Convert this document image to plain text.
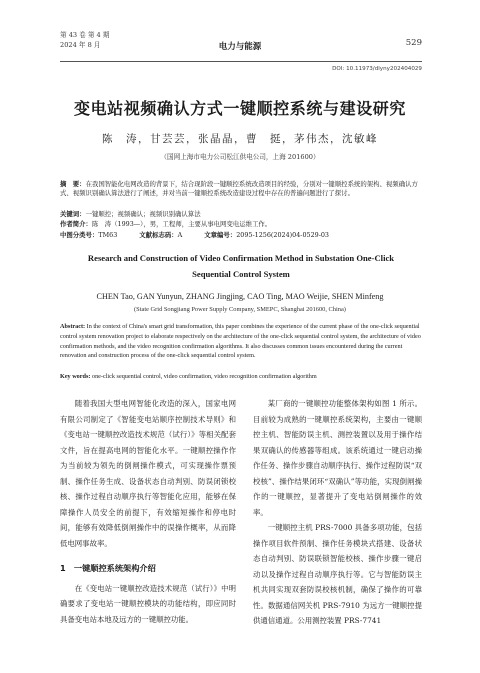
第 43 卷 第 4 期
2024 年 8 月	电力与能源	529
DOI: 10.11973/dlyny202404029
变电站视频确认方式一键顺控系统与建设研究
陈　涛，甘芸芸，张晶晶，曹　挺，茅伟杰，沈敏峰
（国网上海市电力公司松江供电公司，上海 201600）
摘　要：在我国智能化电网改造的背景下，结合现阶段一键顺控系统改造项目的经验，分别对一键顺控系统的架构、视频确认方式、视频识别确认算法进行了阐述，并对当前一键顺控系统改造建设过程中存在的普遍问题进行了探讨。
关键词：一键顺控；视频确认；视频识别确认算法
作者简介：陈　涛（1993—），男，工程师，主要从事电网变电运维工作。
中图分类号：TM63	文献标志码：A	文章编号：2095-1256(2024)04-0529-03
Research and Construction of Video Confirmation Method in Substation One-Click
Sequential Control System
CHEN Tao, GAN Yunyun, ZHANG Jingjing, CAO Ting, MAO Weijie, SHEN Minfeng
(State Grid Songjiang Power Supply Company, SMEPC, Shanghai 201600, China)
Abstract: In the context of China's smart grid transformation, this paper combines the experience of the current phase of the one-click sequential control system renovation project to elaborate respectively on the architecture of the one-click sequential control system, the architecture of video confirmation methods, and the video recognition confirmation algorithms. It also discusses common issues encountered during the current renovation and construction process of the one-click sequential control system.
Key words: one-click sequential control, video confirmation, video recognition confirmation algorithm

随着我国大型电网智能化改造的深入，国家电网有限公司制定了《智能变电站顺序控制技术导则》和《变电站一键顺控改造技术规范（试行）》等相关配套文件，旨在提高电网的智能化水平。一键顺控操作作为当前较为领先的倒闸操作模式，可实现操作票预制、操作任务生成、设备状态自动判别、防误闭锁校核、操作过程自动顺序执行等智能化应用，能够在保障操作人员安全的前提下，有效缩短操作和停电时间，能够有效降低倒闸操作中的误操作概率，从而降低电网事故率。

1　一键顺控系统架构介绍

在《变电站一键顺控改造技术规范（试行）》中明确要求了变电站一键顺控模块的功能结构，即应同时具备变电站本地及远方的一键顺控功能。

某厂商的一键顺控功能整体架构如图 1 所示。目前较为成熟的一键顺控系统架构，主要由一键顺控主机、智能防误主机、测控装置以及用于操作结果双确认的传感器等组成。该系统通过一键启动操作任务、操作步骤自动顺序执行、操作过程防误“双校核”、操作结果闭环“双确认”等功能，实现倒闸操作的一键顺控，显著提升了变电站倒闸操作的效率。

一键顺控主机 PRS-7000 具备多项功能，包括操作项目软件预制、操作任务模块式搭建、设备状态自动判别、防误联锁智能校核、操作步骤一键启动以及操作过程自动顺序执行等。它与智能防误主机共同实现双套防误校核机制，确保了操作的可靠性。数据通信网关机 PRS-7910 为远方一键顺控提供通信通道。公用测控装置 PRS-7741
